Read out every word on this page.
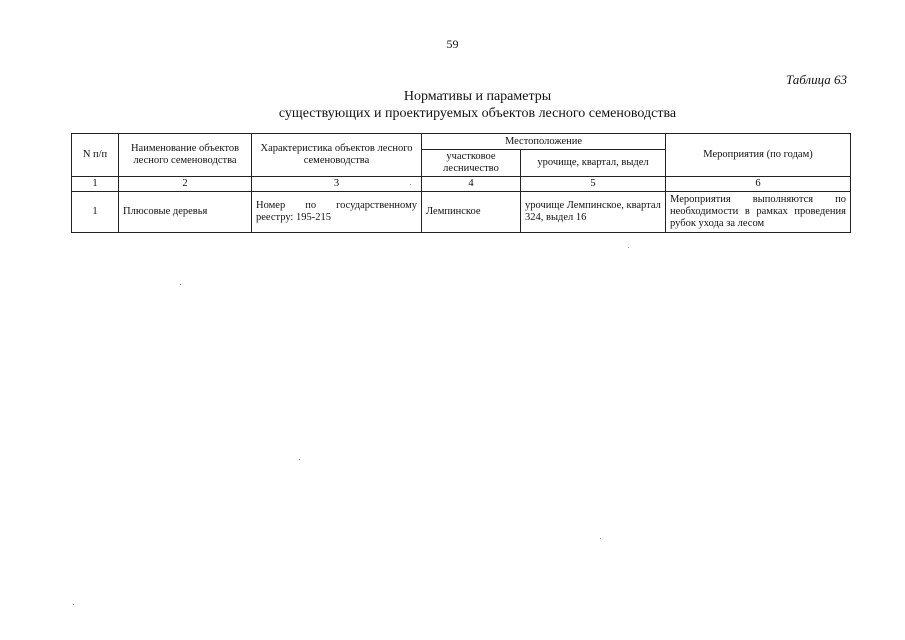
59
Таблица 63
Нормативы и параметры
существующих и проектируемых объектов лесного семеноводства
N п/п	Наименование объектов лесного семеноводства	Характеристика объектов лесного семеноводства	Местоположение		Мероприятия (по годам)
			участковое лесничество	урочище, квартал, выдел	
1	2	3	4	5	6
1	Плюсовые деревья	Номер по государственному реестру: 195-215	Лемпинское	урочище Лемпинское, квартал 324, выдел 16	Мероприятия выполняются по необходимости в рамках проведения рубок ухода за лесом
